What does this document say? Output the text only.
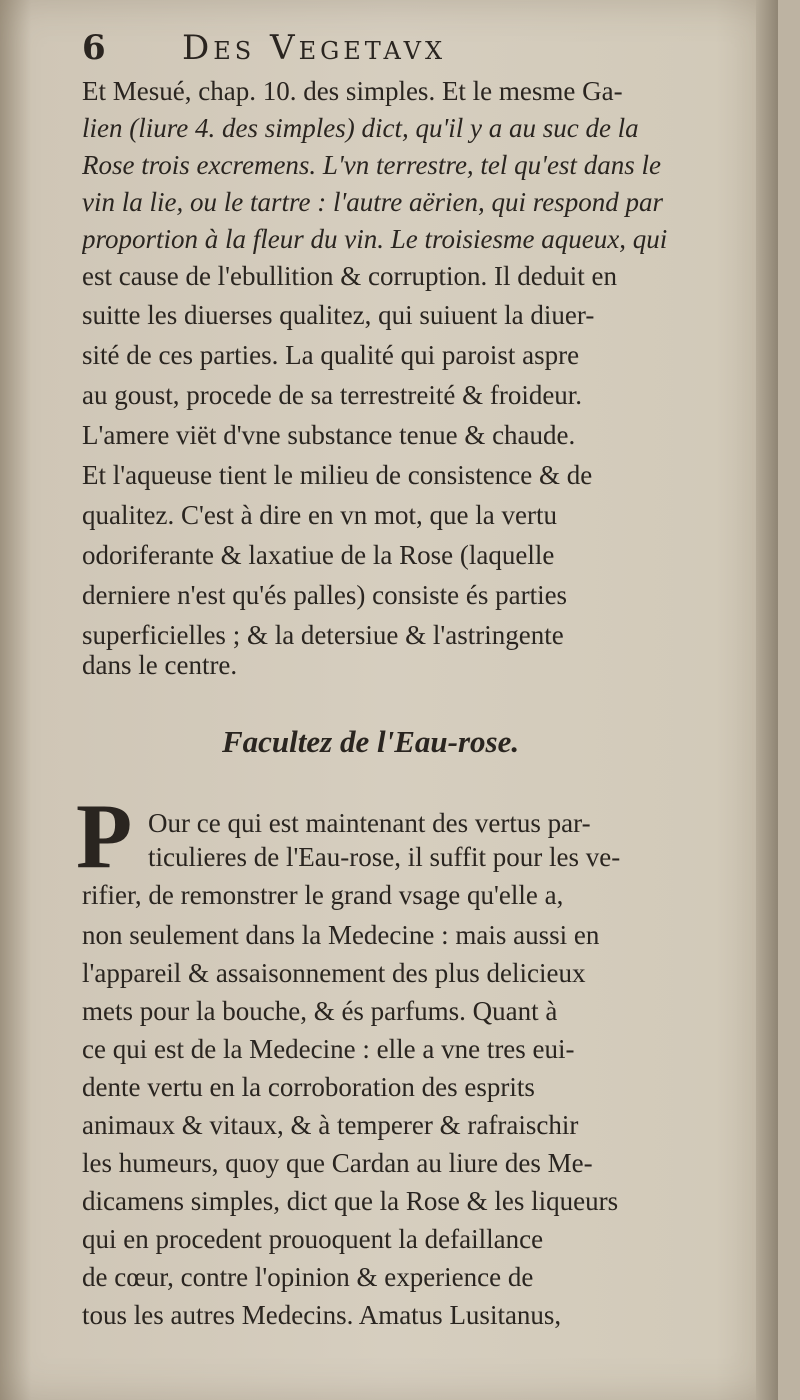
6	Des Vegetavx
Et Mesué, chap. 10. des simples. Et le mesme Ga-
lien (liure 4. des simples) dict, qu'il y a au suc de la
Rose trois excremens. L'vn terrestre, tel qu'est dans le
vin la lie, ou le tartre : l'autre aërien, qui respond par
proportion à la fleur du vin. Le troisiesme aqueux, qui
est cause de l'ebullition & corruption. Il deduit en
suitte les diuerses qualitez, qui suiuent la diuer-
sité de ces parties. La qualité qui paroist aspre
au goust, procede de sa terrestreité & froideur.
L'amere viët d'vne substance tenue & chaude.
Et l'aqueuse tient le milieu de consistence & de
qualitez. C'est à dire en vn mot, que la vertu
odoriferante & laxatiue de la Rose (laquelle
derniere n'est qu'és palles) consiste és parties
superficielles ; & la detersiue & l'astringente
dans le centre.
Facultez de l'Eau-rose.
P Our ce qui est maintenant des vertus par-
ticulieres de l'Eau-rose, il suffit pour les ve-
rifier, de remonstrer le grand vsage qu'elle a,
non seulement dans la Medecine : mais aussi en
l'appareil & assaisonnement des plus delicieux
mets pour la bouche, & és parfums. Quant à
ce qui est de la Medecine : elle a vne tres eui-
dente vertu en la corroboration des esprits
animaux & vitaux, & à temperer & rafraischir
les humeurs, quoy que Cardan au liure des Me-
dicamens simples, dict que la Rose & les liqueurs
qui en procedent prouoquent la defaillance
de cœur, contre l'opinion & experience de
tous les autres Medecins. Amatus Lusitanus,
